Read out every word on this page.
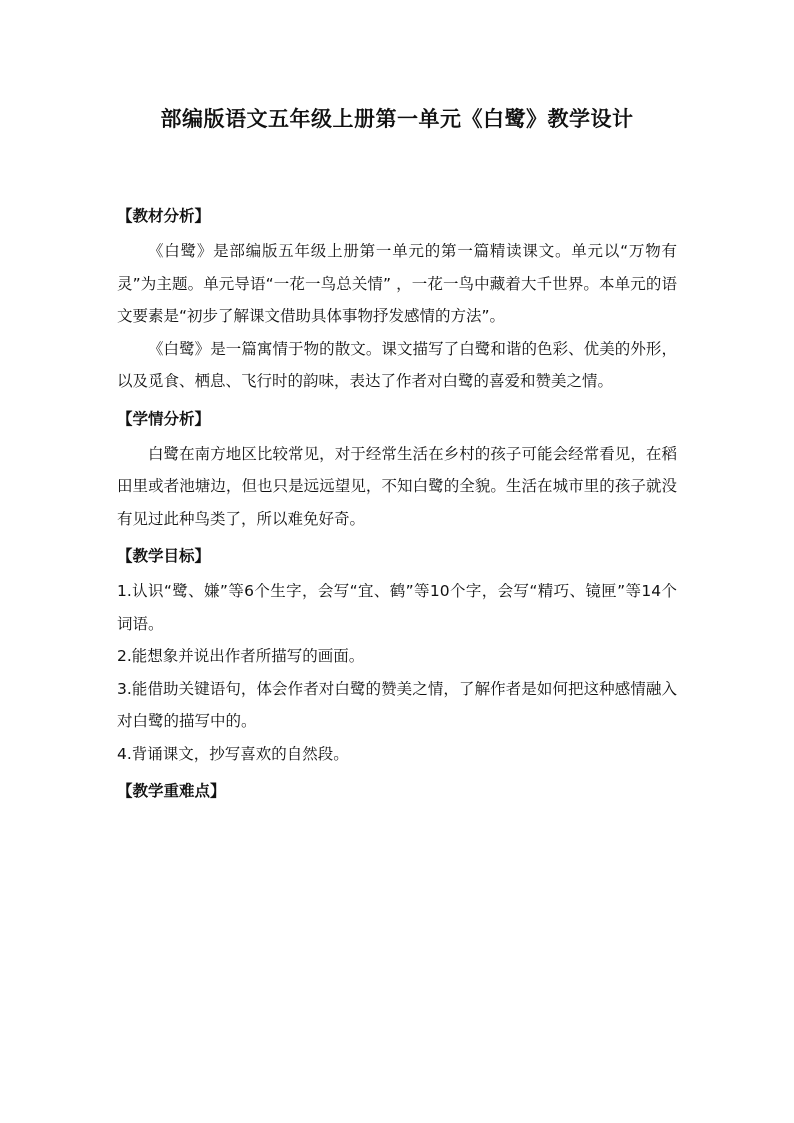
部编版语文五年级上册第一单元《白鹭》教学设计
【教材分析】

《白鹭》是部编版五年级上册第一单元的第一篇精读课文。单元以“万物有灵”为主题。单元导语“一花一鸟总关情” ，一花一鸟中藏着大千世界。本单元的语文要素是“初步了解课文借助具体事物抒发感情的方法”。

《白鹭》是一篇寓情于物的散文。课文描写了白鹭和谐的色彩、优美的外形，以及觅食、栖息、飞行时的韵味，表达了作者对白鹭的喜爱和赞美之情。

【学情分析】

白鹭在南方地区比较常见，对于经常生活在乡村的孩子可能会经常看见，在稻田里或者池塘边，但也只是远远望见，不知白鹭的全貌。生活在城市里的孩子就没有见过此种鸟类了，所以难免好奇。

【教学目标】

1.认识“鹭、嫌”等6个生字，会写“宜、鹤”等10个字，会写“精巧、镜匣”等14个词语。

2.能想象并说出作者所描写的画面。

3.能借助关键语句，体会作者对白鹭的赞美之情，了解作者是如何把这种感情融入对白鹭的描写中的。

4.背诵课文，抄写喜欢的自然段。

【教学重难点】
